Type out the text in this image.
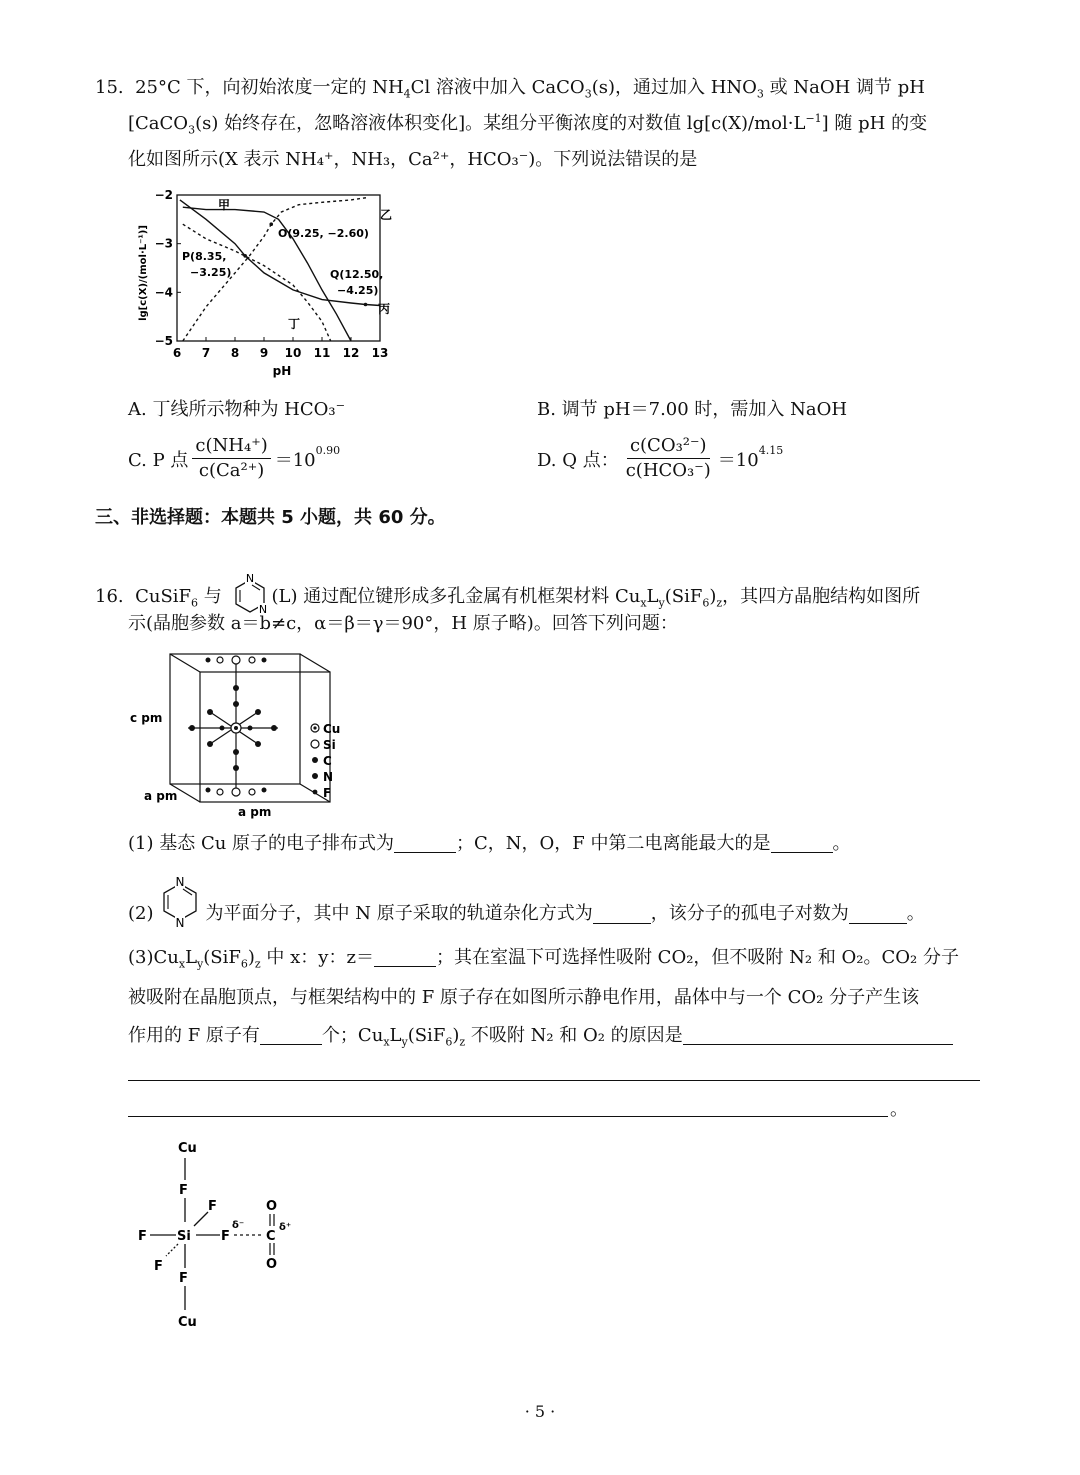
15. 25°C 下，向初始浓度一定的 $NH_4Cl$ 溶液中加入 CaCO$_3$(s)，通过加入 $HNO_3$ 或 NaOH 调节 pH
[CaCO$_3$(s) 始终存在，忽略溶液体积变化]。某组分平衡浓度的对数值 $\lg[c(X)/mol\cdot L^{-1}]$ 随 pH 的变
化如图所示(X 表示 NH₄⁺，NH₃，Ca²⁺，HCO₃⁻)。下列说法错误的是
lg[c(X)/(mol·L⁻¹)]
6 7 8 9 10 11 12 13
−2
−3
−4
−5
pH
甲
乙
丙
丁
O(9.25, −2.60)
P(8.35,
−3.25)	Q(12.50,
−4.25)
A. 丁线所示物种为 HCO₃⁻	B. 调节 pH＝7.00 时，需加入 NaOH
C. P 点 $\frac{\text{c(NH₄⁺)}}{\text{c(Ca²⁺)}} =10^{0.90}$	D. Q 点： $\frac{\text{c(CO₃²⁻)}}{\text{c(HCO₃⁻)}} =10^{4.15}$
三、非选择题：本题共 5 小题，共 60 分。
16. CuSiF$_6$ 与
N
N
(L) 通过配位键形成多孔金属有机框架材料 $Cu_xL_y(SiF_6)_z$，其四方晶胞结构如图所
示(晶胞参数 a＝b≠c，α＝β＝γ＝90°，H 原子略)。回答下列问题：
c pm
a pm
a pm
Cu
Si
C
N
F
(1) 基态 Cu 原子的电子排布式为	；C，N，O，F 中第二电离能最大的是	。
(2)
N
N 为平面分子，其中 N 原子采取的轨道杂化方式为	，该分子的孤电子对数为	。
$(3)Cu_xL_y(SiF_6)_z$ 中 x：y：z＝	；其在室温下可选择性吸附 CO₂，但不吸附 N₂ 和 O₂。CO₂ 分子
被吸附在晶胞顶点，与框架结构中的 F 原子存在如图所示静电作用，晶体中与一个 CO₂ 分子产生该
作用的 F 原子有	个；$Cu_xL_y(SiF_6)_z$ 不吸附 N₂ 和 O₂ 的原因是
。
Cu
F
F Si F
F
F
F
Cu
δ⁻
O
C
δ⁺
O
· 5 ·
